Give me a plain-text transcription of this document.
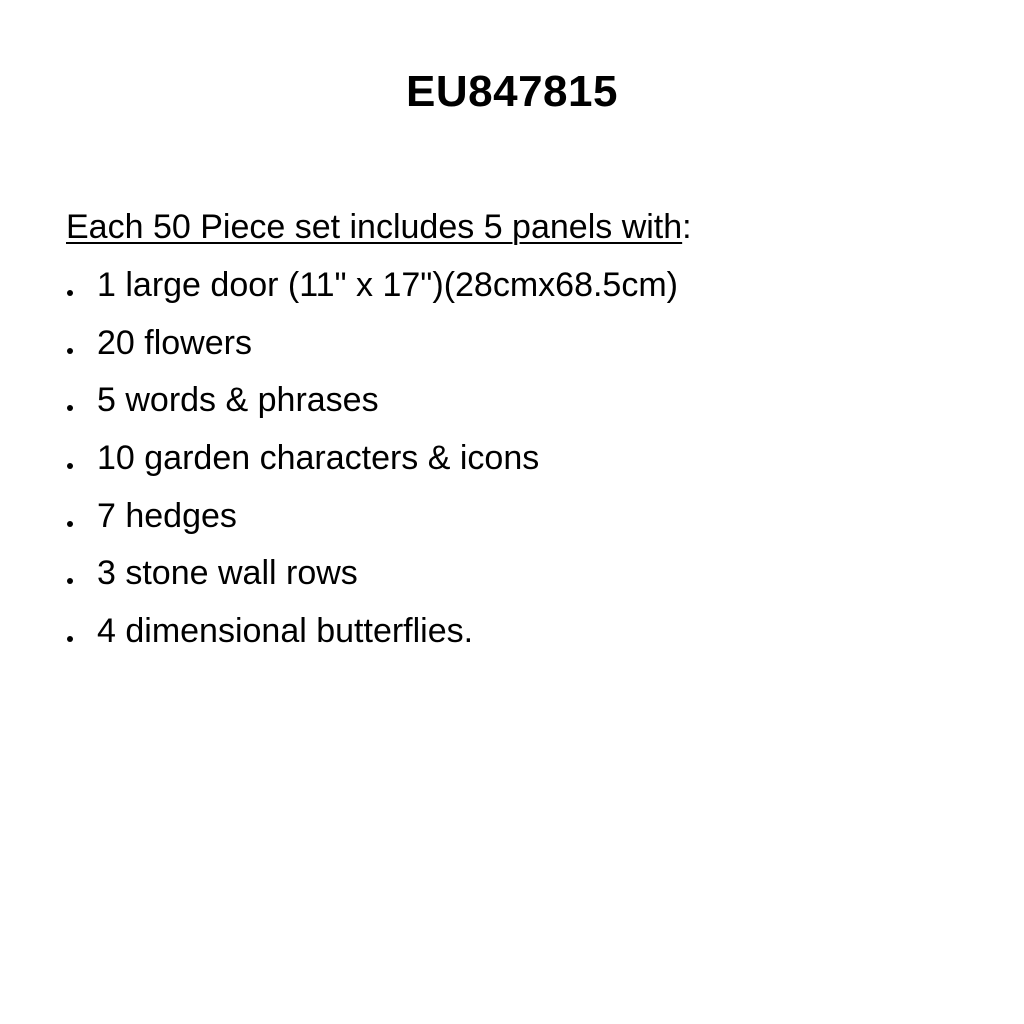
EU847815
Each 50 Piece set includes 5 panels with:
1 large door (11" x 17")(28cmx68.5cm)
20 flowers
5 words & phrases
10 garden characters & icons
7 hedges
3 stone wall rows
4 dimensional butterflies.
